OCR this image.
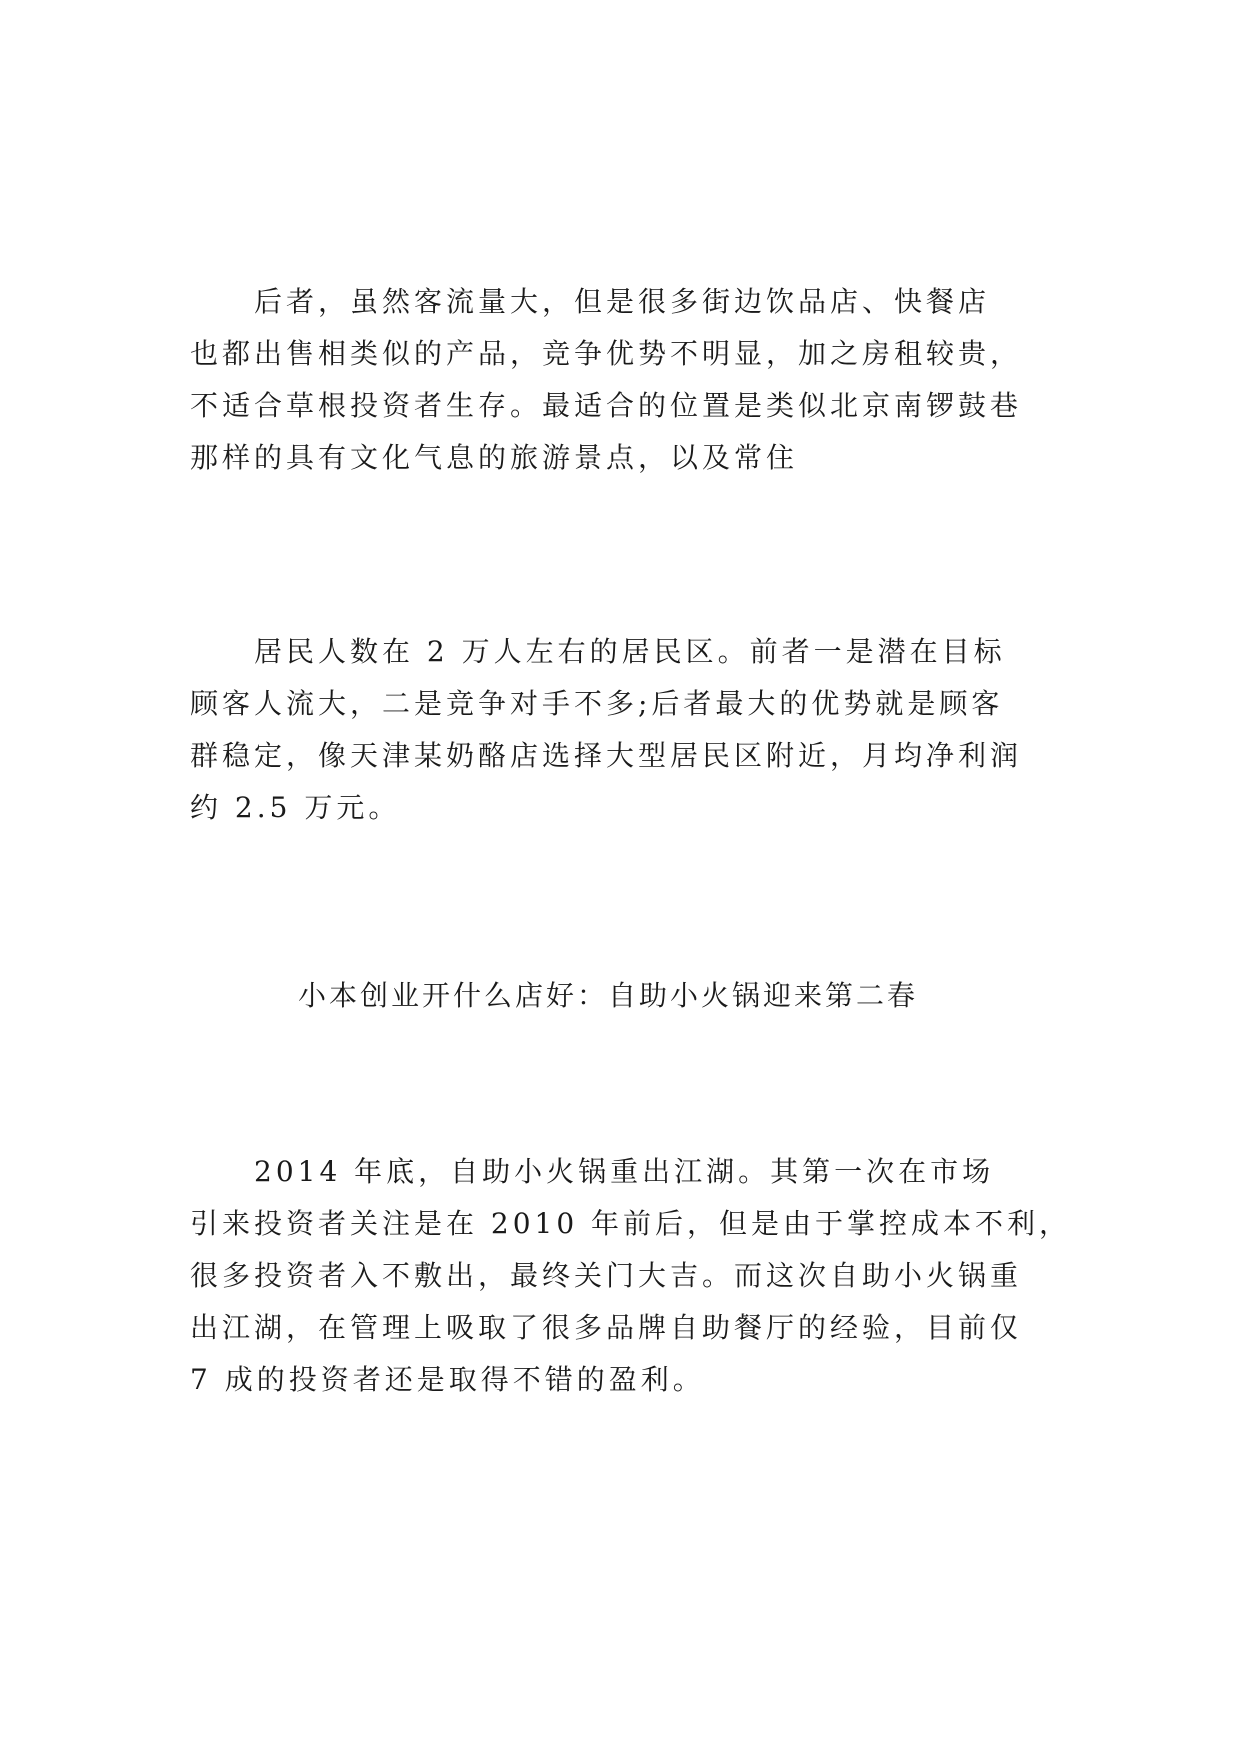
　　后者，虽然客流量大，但是很多街边饮品店、快餐店
也都出售相类似的产品，竞争优势不明显，加之房租较贵，
不适合草根投资者生存。最适合的位置是类似北京南锣鼓巷
那样的具有文化气息的旅游景点，以及常住

　　居民人数在 2 万人左右的居民区。前者一是潜在目标
顾客人流大，二是竞争对手不多;后者最大的优势就是顾客
群稳定，像天津某奶酪店选择大型居民区附近，月均净利润
约 2.5 万元。

小本创业开什么店好：自助小火锅迎来第二春

　　2014 年底，自助小火锅重出江湖。其第一次在市场
引来投资者关注是在 2010 年前后，但是由于掌控成本不利，
很多投资者入不敷出，最终关门大吉。而这次自助小火锅重
出江湖，在管理上吸取了很多品牌自助餐厅的经验，目前仅
7 成的投资者还是取得不错的盈利。
